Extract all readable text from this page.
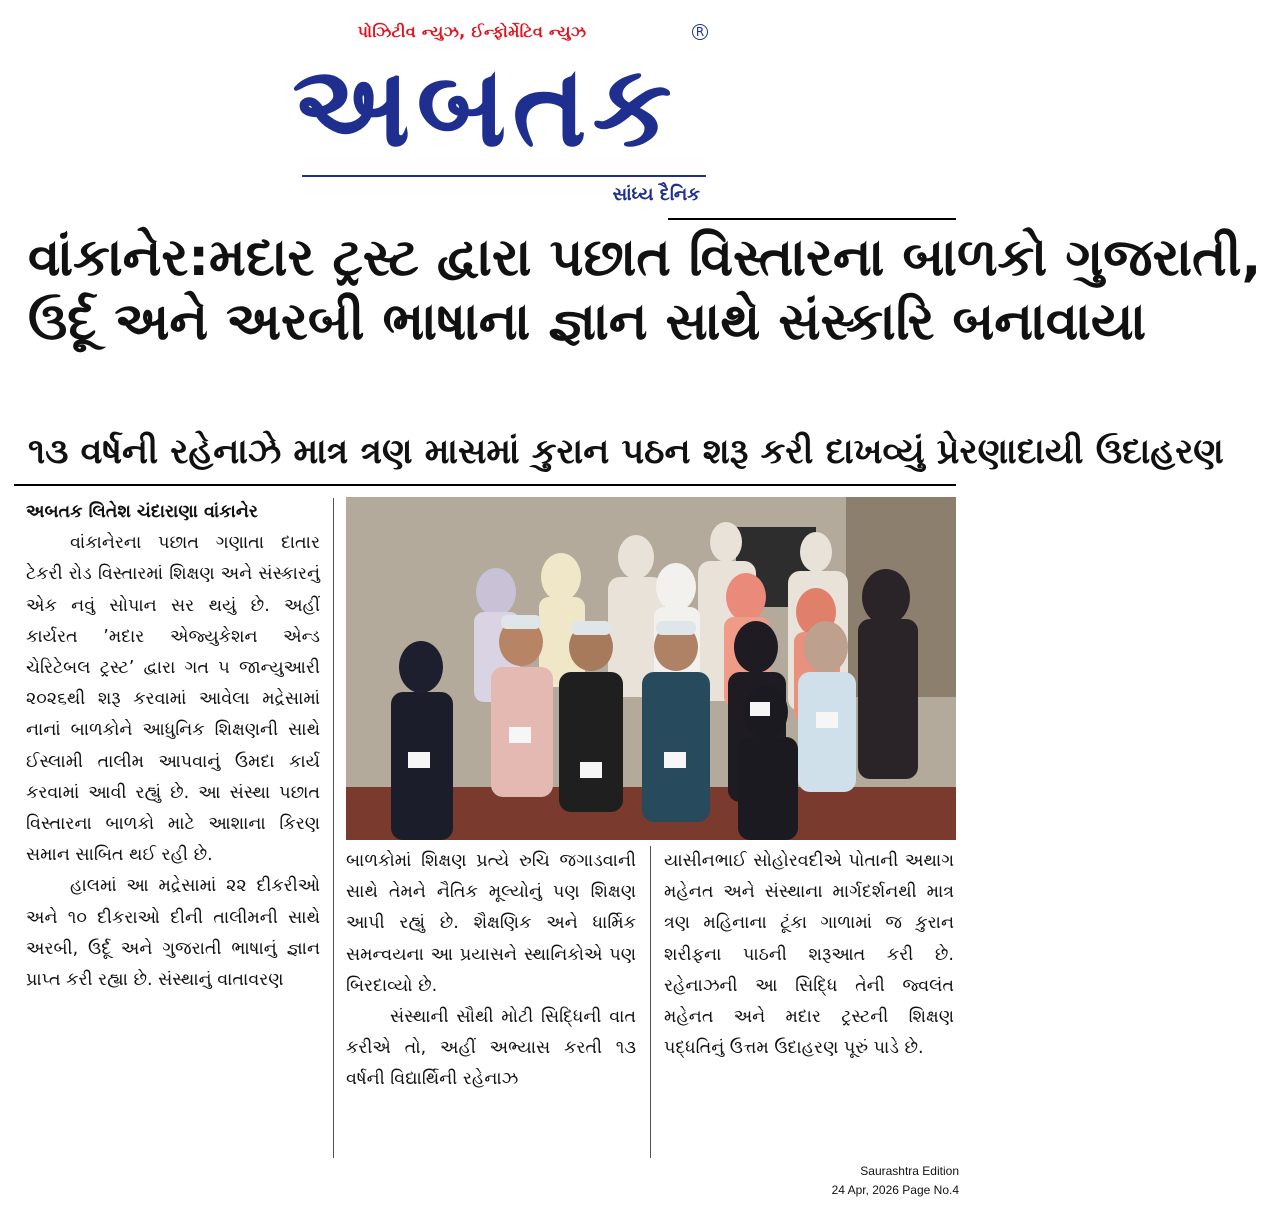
પોઝિટીવ ન્યુઝ, ઈન્ફોર્મેટિવ ન્યુઝ	R
અબતક
સાંધ્ય દૈનિક
વાંકાનેર:મદાર ટ્રસ્ટ દ્વારા પછાત વિસ્તારના બાળકો ગુજરાતી,
ઉર્દૂ અને અરબી ભાષાના જ્ઞાન સાથે સંસ્કારિ બનાવાયા
૧૩ વર્ષની રહેનાઝે માત્ર ત્રણ માસમાં કુરાન પઠન શરૂ કરી દાખવ્યું પ્રેરણાદાયી ઉદાહરણ

અબતક લિતેશ ચંદારાણા વાંકાનેર

વાંકાનેરના પછાત ગણાતા દાતાર ટેકરી રોડ વિસ્તારમાં શિક્ષણ અને સંસ્કારનું એક નવું સોપાન સર થયું છે. અહીં કાર્યરત ’મદાર એજ્યુકેશન એન્ડ ચેરિટેબલ ટ્રસ્ટ’ દ્વારા ગત ૫ જાન્યુઆરી ૨૦૨૬થી શરૂ કરવામાં આવેલા મદ્રેસામાં નાનાં બાળકોને આધુનિક શિક્ષણની સાથે ઈસ્લામી તાલીમ આપવાનું ઉમદા કાર્ય કરવામાં આવી રહ્યું છે. આ સંસ્થા પછાત વિસ્તારના બાળકો માટે આશાના કિરણ સમાન સાબિત થઈ રહી છે.

હાલમાં આ મદ્રેસામાં ૨૨ દીકરીઓ અને ૧૦ દીકરાઓ દીની તાલીમની સાથે અરબી, ઉર્દૂ અને ગુજરાતી ભાષાનું જ્ઞાન પ્રાપ્ત કરી રહ્યા છે. સંસ્થાનું વાતાવરણ

બાળકોમાં શિક્ષણ પ્રત્યે રુચિ જગાડવાની સાથે તેમને નૈતિક મૂલ્યોનું પણ શિક્ષણ આપી રહ્યું છે. શૈક્ષણિક અને ધાર્મિક સમન્વયના આ પ્રયાસને સ્થાનિકોએ પણ બિરદાવ્યો છે.

સંસ્થાની સૌથી મોટી સિદ્ધિની વાત કરીએ તો, અહીં અભ્યાસ કરતી ૧૩ વર્ષની વિદ્યાર્થિની રહેનાઝ

યાસીનભાઈ સોહોરવદીએ પોતાની અથાગ મહેનત અને સંસ્થાના માર્ગદર્શનથી માત્ર ત્રણ મહિનાના ટૂંકા ગાળામાં જ કુરાન શરીફના પાઠની શરૂઆત કરી છે. રહેનાઝની આ સિદ્ધિ તેની જ્વલંત મહેનત અને મદાર ટ્રસ્ટની શિક્ષણ પદ્ધતિનું ઉત્તમ ઉદાહરણ પૂરું પાડે છે.

Saurashtra Edition
24 Apr, 2026 Page No.4
